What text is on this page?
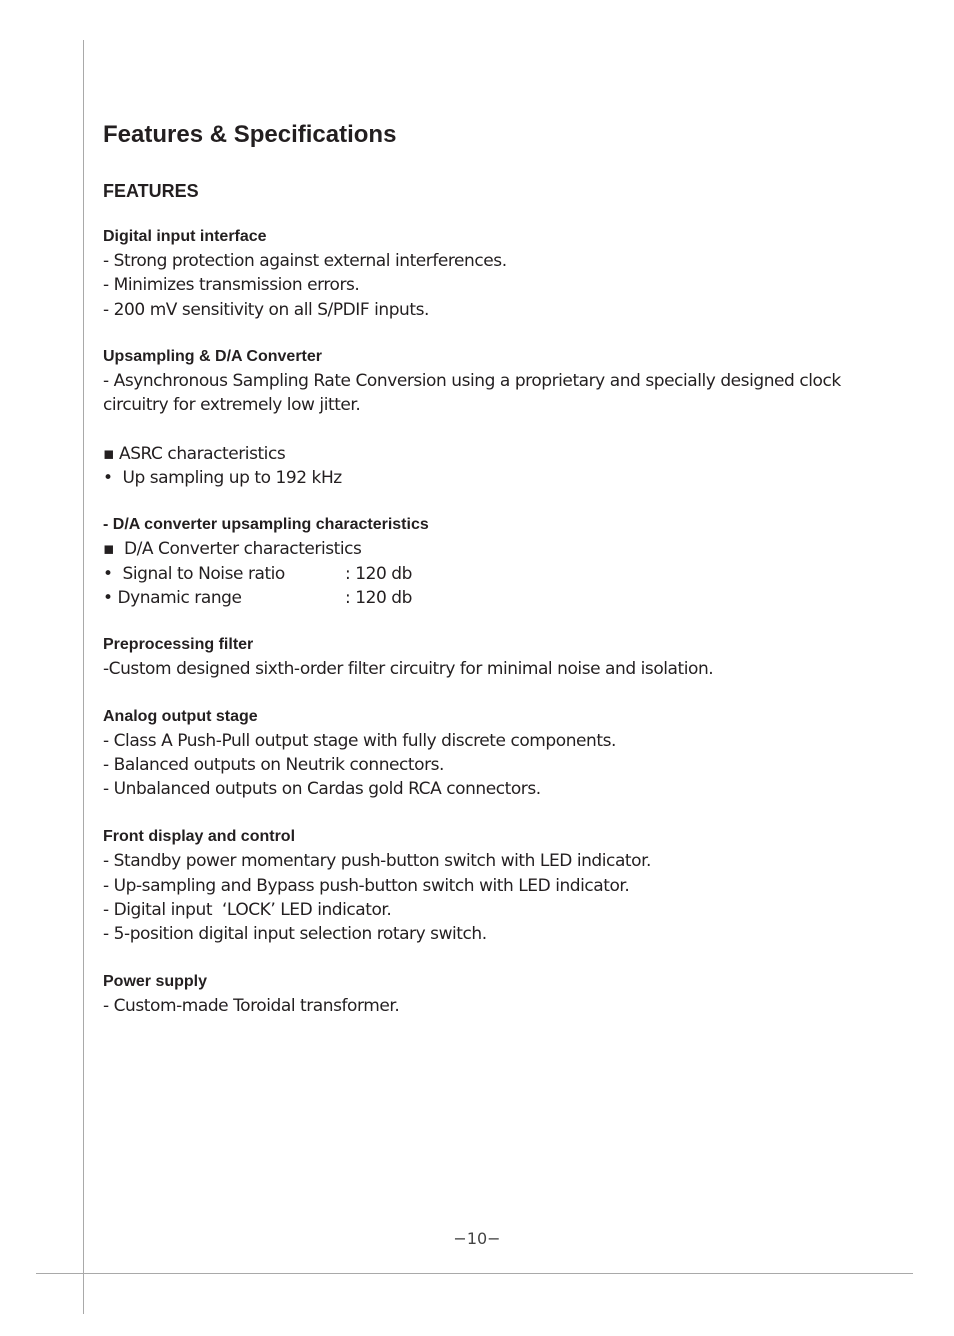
Features & Specifications
FEATURES
Digital input interface
- Strong protection against external interferences.
- Minimizes transmission errors.
- 200 mV sensitivity on all S/PDIF inputs.
Upsampling & D/A Converter
- Asynchronous Sampling Rate Conversion using a proprietary and specially designed clock circuitry for extremely low jitter.
▪ ASRC characteristics
•  Up sampling up to 192 kHz
- D/A converter upsampling characteristics
▪  D/A Converter characteristics
•  Signal to Noise ratio	: 120 db
• Dynamic range	: 120 db
Preprocessing filter
-Custom designed sixth-order filter circuitry for minimal noise and isolation.
Analog output stage
- Class A Push-Pull output stage with fully discrete components.
- Balanced outputs on Neutrik connectors.
- Unbalanced outputs on Cardas gold RCA connectors.
Front display and control
- Standby power momentary push-button switch with LED indicator.
- Up-sampling and Bypass push-button switch with LED indicator.
- Digital input  ‘LOCK’ LED indicator.
- 5-position digital input selection rotary switch.
Power supply
- Custom-made Toroidal transformer.
−10−
